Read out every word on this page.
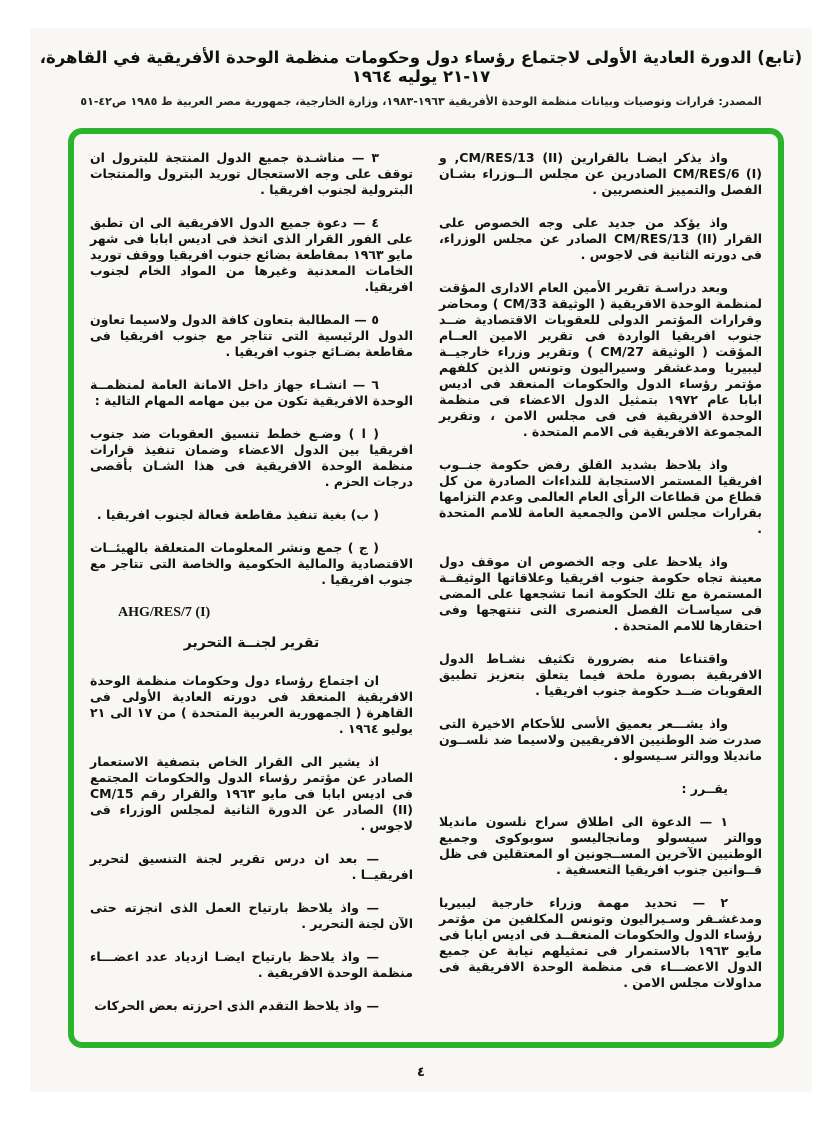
(تابع) الدورة العادية الأولى لاجتماع رؤساء دول وحكومات منظمة الوحدة الأفريقية في القاهرة، ١٧-٢١ يوليه ١٩٦٤
المصدر: قرارات وتوصيات وبيانات منظمة الوحدة الأفريقية ١٩٦٣-١٩٨٣، وزارة الخارجية، جمهورية مصر العربية ط ١٩٨٥ ص٤٢-٥١

واذ يذكر ايضـا بالقرارين CM/RES/13 (II), و CM/RES/6 (I) الصادرين عن مجلس الــوزراء بشـان الفصل والتمييز العنصريين .

واذ يؤكد من جديد على وجه الخصوص على القرار CM/RES/13 (II) الصادر عن مجلس الوزراء، فى دورته الثانية فى لاجوس .

وبعد دراسـة تقرير الأمين العام الادارى المؤقت لمنظمة الوحدة الافريقية ( الوثيقة CM/33 ) ومحاضر وقرارات المؤتمر الدولى للعقوبات الاقتصادية ضــد جنوب افريقيا الواردة فى تقرير الامين العــام المؤقت ( الوثيقة CM/27 ) وتقرير وزراء خارجيــة ليبيريا ومدغشقر وسيراليون وتونس الذين كلفهم مؤتمر رؤساء الدول والحكومات المنعقد فى اديس ابابا عام ١٩٧٢ بتمثيل الدول الاعضاء فى منظمة الوحدة الافريقية فى فى مجلس الامن ، وتقرير المجموعة الافريقية فى الامم المتحدة .

واذ يلاحظ بشديد القلق رفض حكومة جنــوب افريقيا المستمر الاستجابة للنداءات الصادرة من كل قطاع من قطاعات الرأى العام العالمى وعدم التزامها بقرارات مجلس الامن والجمعية العامة للامم المتحدة .

واذ يلاحظ على وجه الخصوص ان موقف دول معينة تجاه حكومة جنوب افريقيا وعلاقاتها الوثيقــة المستمرة مع تلك الحكومة انما تشجعها على المضى فى سياسـات الفصل العنصرى التى تنتهجها وفى احتقارها للامم المتحدة .

واقتناعا منه بضرورة تكثيف نشـاط الدول الافريقية بصورة ملحة فيما يتعلق بتعزيز تطبيق العقوبات ضــد حكومة جنوب افريقيا .

واذ يشـــعر بعميق الأسى للأحكام الاخيرة التى صدرت ضد الوطنيين الافريقيين ولاسيما ضد نلســون مانديلا ووالتر سـيسولو .

يقــرر :

١ — الدعوة الى اطلاق سراح نلسون مانديلا ووالتر سيسولو ومانجاليسو سوبوكوى وجميع الوطنيين الآخرين المســجونين او المعتقلين فى ظل قــوانين جنوب افريقيا التعسفية .

٢ — تحديد مهمة وزراء خارجية ليبيريا ومدغشـقر وسـيراليون وتونس المكلفين من مؤتمر رؤساء الدول والحكومات المنعقــد فى اديس ابابا فى مايو ١٩٦٣ بالاستمرار فى تمثيلهم نيابة عن جميع الدول الاعضـــاء فى منظمة الوحدة الافريقية فى مداولات مجلس الامن .

٣ — مناشـدة جميع الدول المنتجة للبترول ان توقف على وجه الاستعجال توريد البترول والمنتجات البترولية لجنوب افريقيا .

٤ — دعوة جميع الدول الافريقية الى ان تطبق على الفور القرار الذى اتخذ فى اديس ابابا فى شهر مايو ١٩٦٣ بمقاطعة بضائع جنوب افريقيا ووقف توريد الخامات المعدنية وغيرها من المواد الخام لجنوب افريقيا.

٥ — المطالبة بتعاون كافة الدول ولاسيما تعاون الدول الرئيسية التى تتاجر مع جنوب افريقيا فى مقاطعة بضـائع جنوب افريقيا .

٦ — انشـاء جهاز داخل الامانة العامة لمنظمــة الوحدة الافريقية تكون من بين مهامه المهام التالية :

( ا ) وضـع خطط تنسيق العقوبات ضد جنوب افريقيا بين الدول الاعضاء وضمان تنفيذ قرارات منظمة الوحدة الافريقية فى هذا الشـان بأقصى درجات الحزم .

( ب) بغية تنفيذ مقاطعة فعالة لجنوب افريقيا .

( ج ) جمع ونشر المعلومات المتعلقة بالهيئــات الاقتصادية والمالية الحكومية والخاصة التى تتاجر مع جنوب افريقيا .

AHG/RES/7 (I)

تقرير لجنــة التحرير

ان اجتماع رؤساء دول وحكومات منظمة الوحدة الافريقية المنعقد فى دورته العادية الأولى فى القاهرة ( الجمهورية العربية المتحدة ) من ١٧ الى ٢١ يوليو ١٩٦٤ .

اذ يشير الى القرار الخاص بتصفية الاستعمار الصادر عن مؤتمر رؤساء الدول والحكومات المجتمع فى اديس ابابا فى مايو ١٩٦٣ والقرار رقم CM/15 (II) الصادر عن الدورة الثانية لمجلس الوزراء فى لاجوس .

— بعد ان درس تقرير لجنة التنسيق لتحرير افريقيــا .

— واذ يلاحظ بارتياح العمل الذى انجزته حتى الآن لجنة التحرير .

— واذ يلاحظ بارتياح ايضـا ازدياد عدد اعضـــاء منظمة الوحدة الافريقية .

— واذ يلاحظ التقدم الذى احرزته بعض الحركات

٤
